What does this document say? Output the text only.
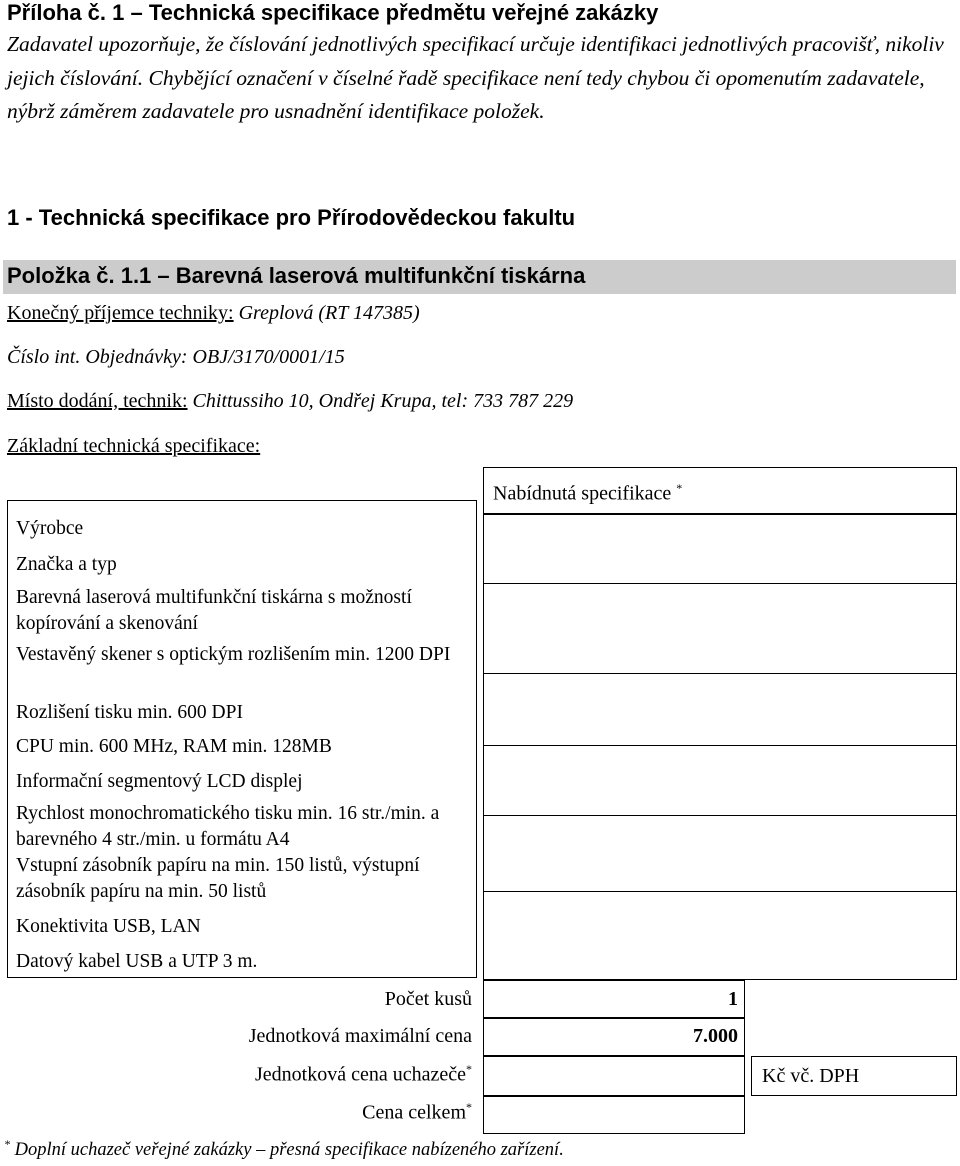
Příloha č. 1 – Technická specifikace předmětu veřejné zakázky
Zadavatel upozorňuje, že číslování jednotlivých specifikací určuje identifikaci jednotlivých pracovišť, nikoliv jejich číslování. Chybějící označení v číselné řadě specifikace není tedy chybou či opomenutím zadavatele, nýbrž záměrem zadavatele pro usnadnění identifikace položek.
1 - Technická specifikace pro Přírodovědeckou fakultu
Položka č. 1.1 – Barevná laserová multifunkční tiskárna
Konečný příjemce techniky: Greplová (RT 147385)
Číslo int. Objednávky: OBJ/3170/0001/15
Místo dodání, technik: Chittussiho 10, Ondřej Krupa, tel: 733 787 229
Základní technická specifikace:
Nabídnutá specifikace *
Výrobce
Značka a typ
Barevná laserová multifunkční tiskárna s možností kopírování a skenování
Vestavěný skener s optickým rozlišením min. 1200 DPI
Rozlišení tisku min. 600 DPI
CPU min. 600 MHz, RAM min. 128MB
Informační segmentový LCD displej
Rychlost monochromatického tisku min. 16 str./min. a barevného 4 str./min. u formátu A4
Vstupní zásobník papíru na min. 150 listů, výstupní zásobník papíru na min. 50 listů
Konektivita USB, LAN
Datový kabel USB a UTP 3 m.
Počet kusů	1
Jednotková maximální cena	7.000
Jednotková cena uchazeče*
Cena celkem*
Kč vč. DPH
* Doplní uchazeč veřejné zakázky – přesná specifikace nabízeného zařízení.
